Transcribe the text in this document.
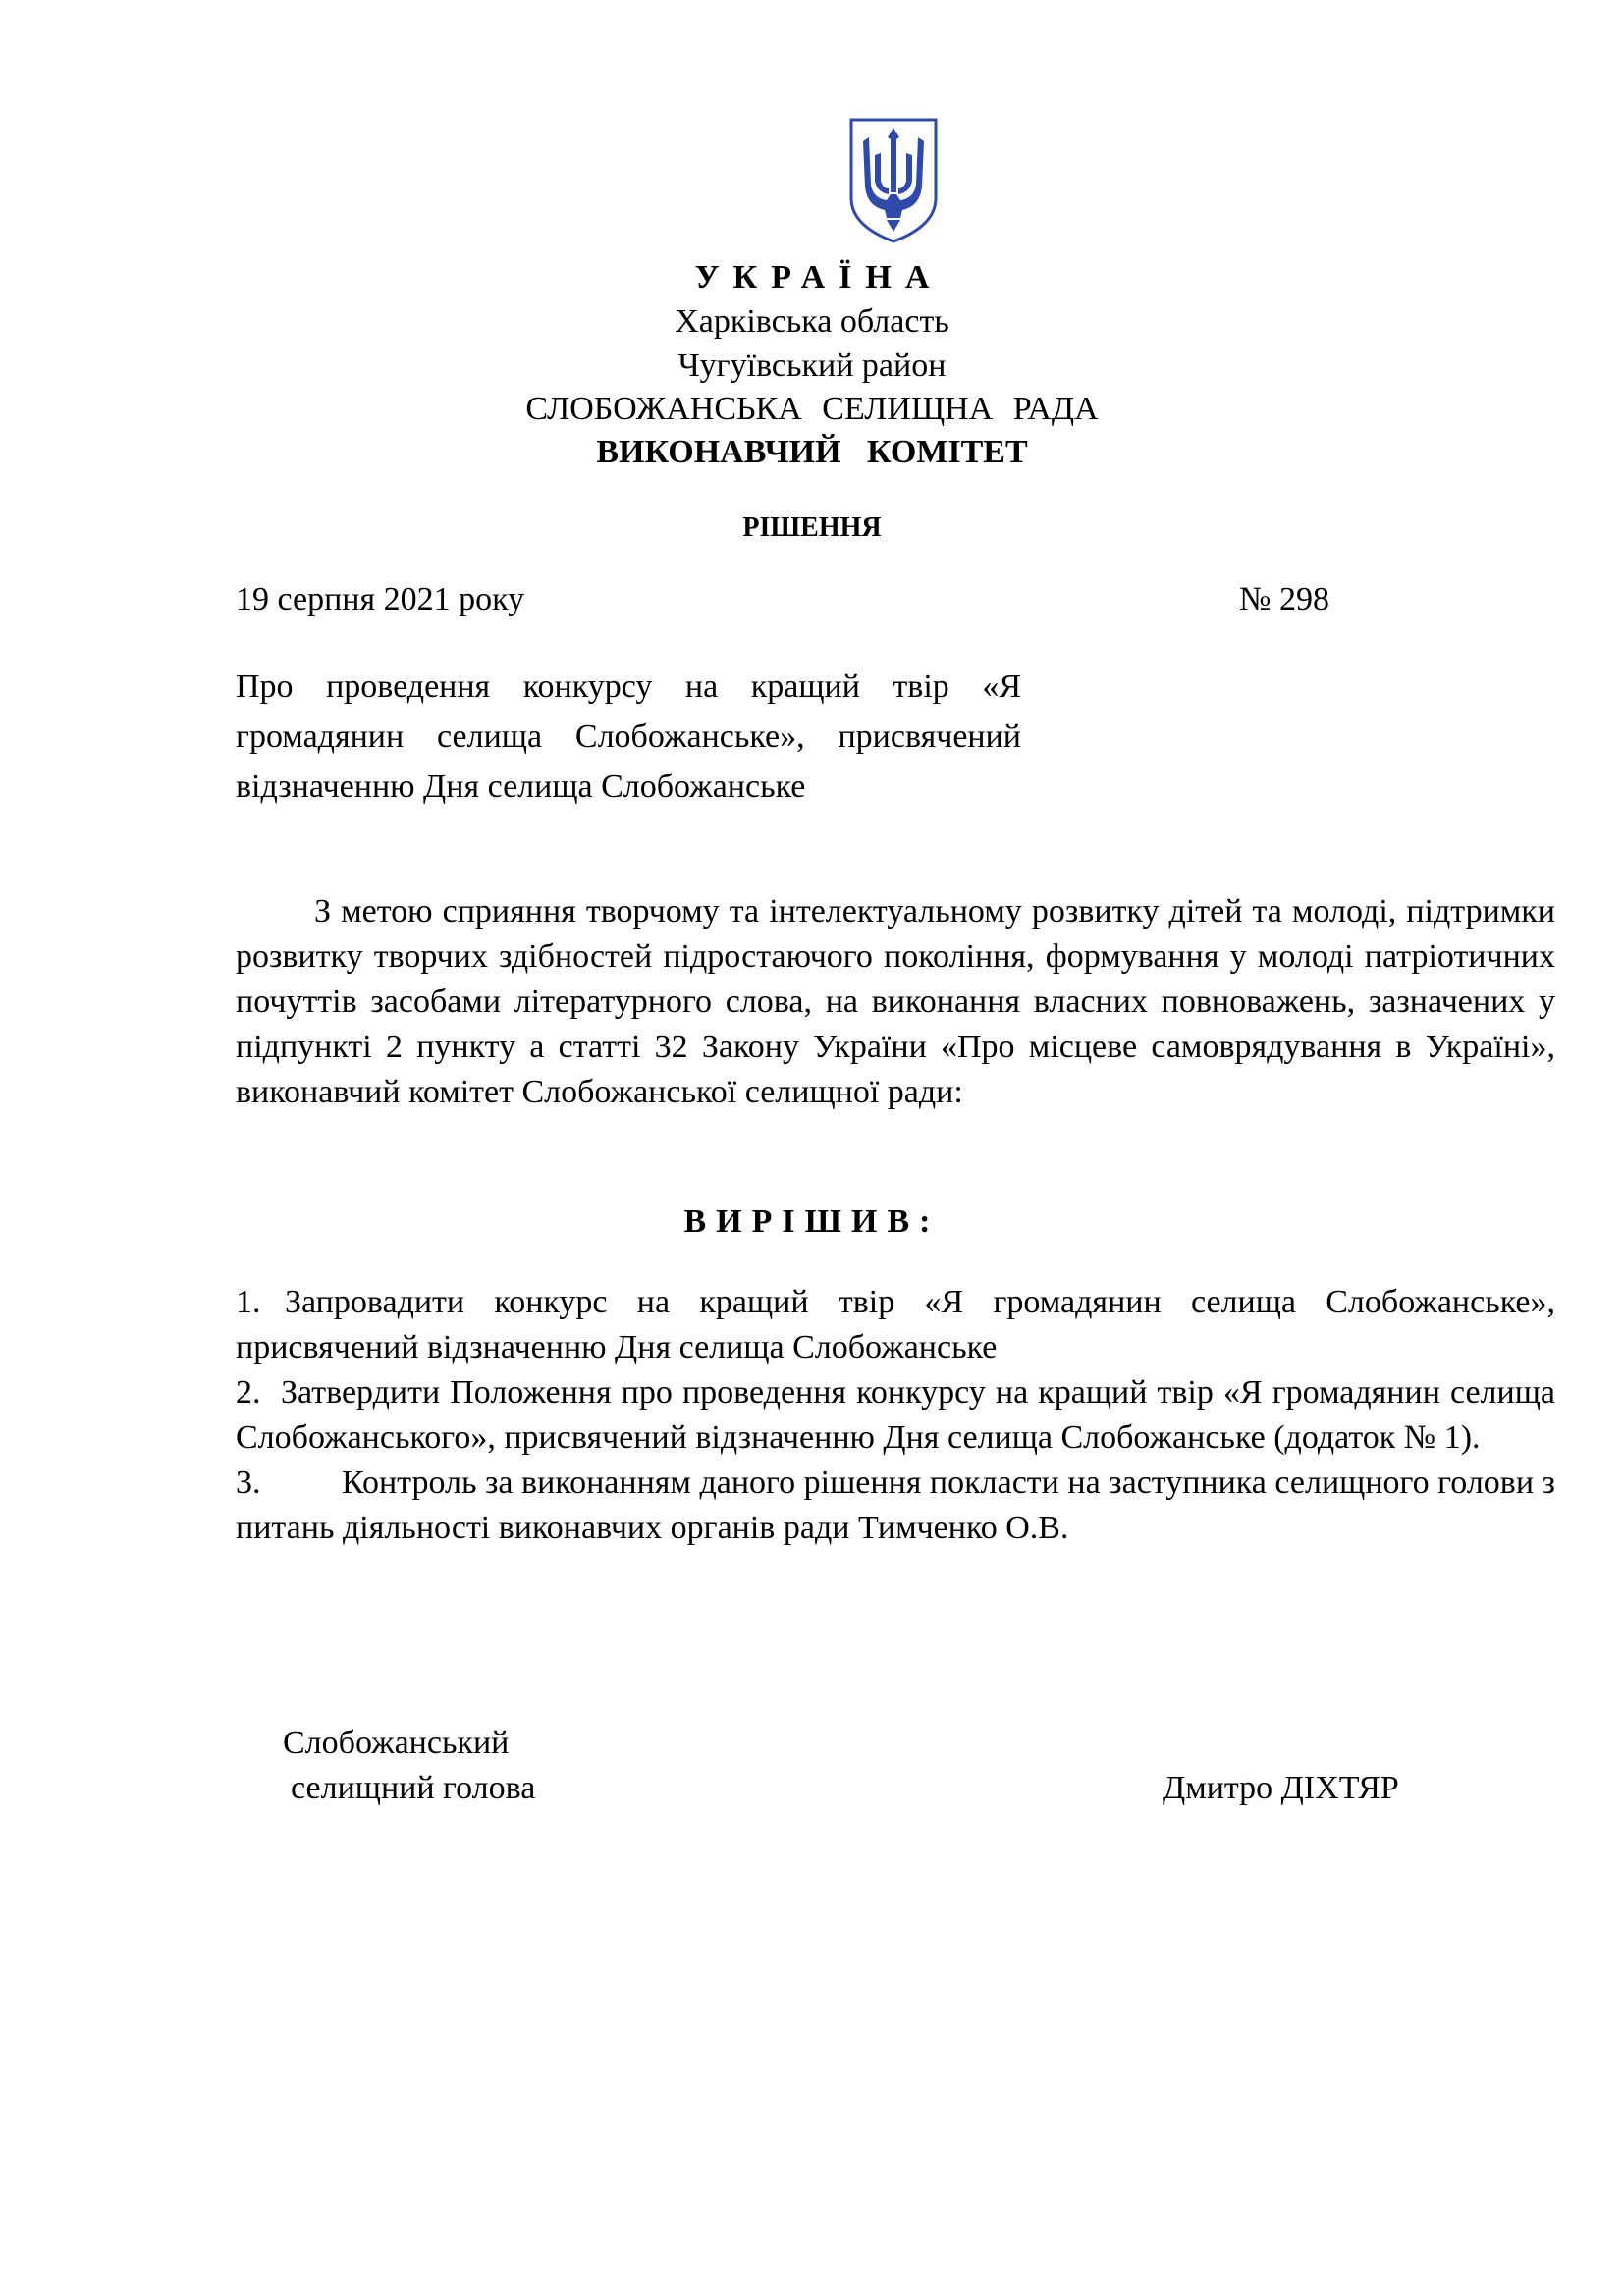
УКРАЇНА
Харківська область
Чугуївський район
СЛОБОЖАНСЬКА СЕЛИЩНА РАДА
ВИКОНАВЧИЙ КОМІТЕТ
РІШЕННЯ
19 серпня 2021 року	№ 298
Про проведення конкурсу на кращий твір «Я громадянин селища Слобожанське», присвячений відзначенню Дня селища Слобожанське
З метою сприяння творчому та інтелектуальному розвитку дітей та молоді, підтримки розвитку творчих здібностей підростаючого покоління, формування у молоді патріотичних почуттів засобами літературного слова, на виконання власних повноважень, зазначених у підпункті 2 пункту а статті 32 Закону України «Про місцеве самоврядування в Україні», виконавчий комітет Слобожанської селищної ради:
ВИРІШИВ:

1. Запровадити конкурс на кращий твір «Я громадянин селища Слобожанське», присвячений відзначенню Дня селища Слобожанське

2. Затвердити Положення про проведення конкурсу на кращий твір «Я громадянин селища Слобожанського», присвячений відзначенню Дня селища Слобожанське (додаток № 1).

3. Контроль за виконанням даного рішення покласти на заступника селищного голови з питань діяльності виконавчих органів ради Тимченко О.В.

Слобожанський
селищний голова	Дмитро ДІХТЯР
